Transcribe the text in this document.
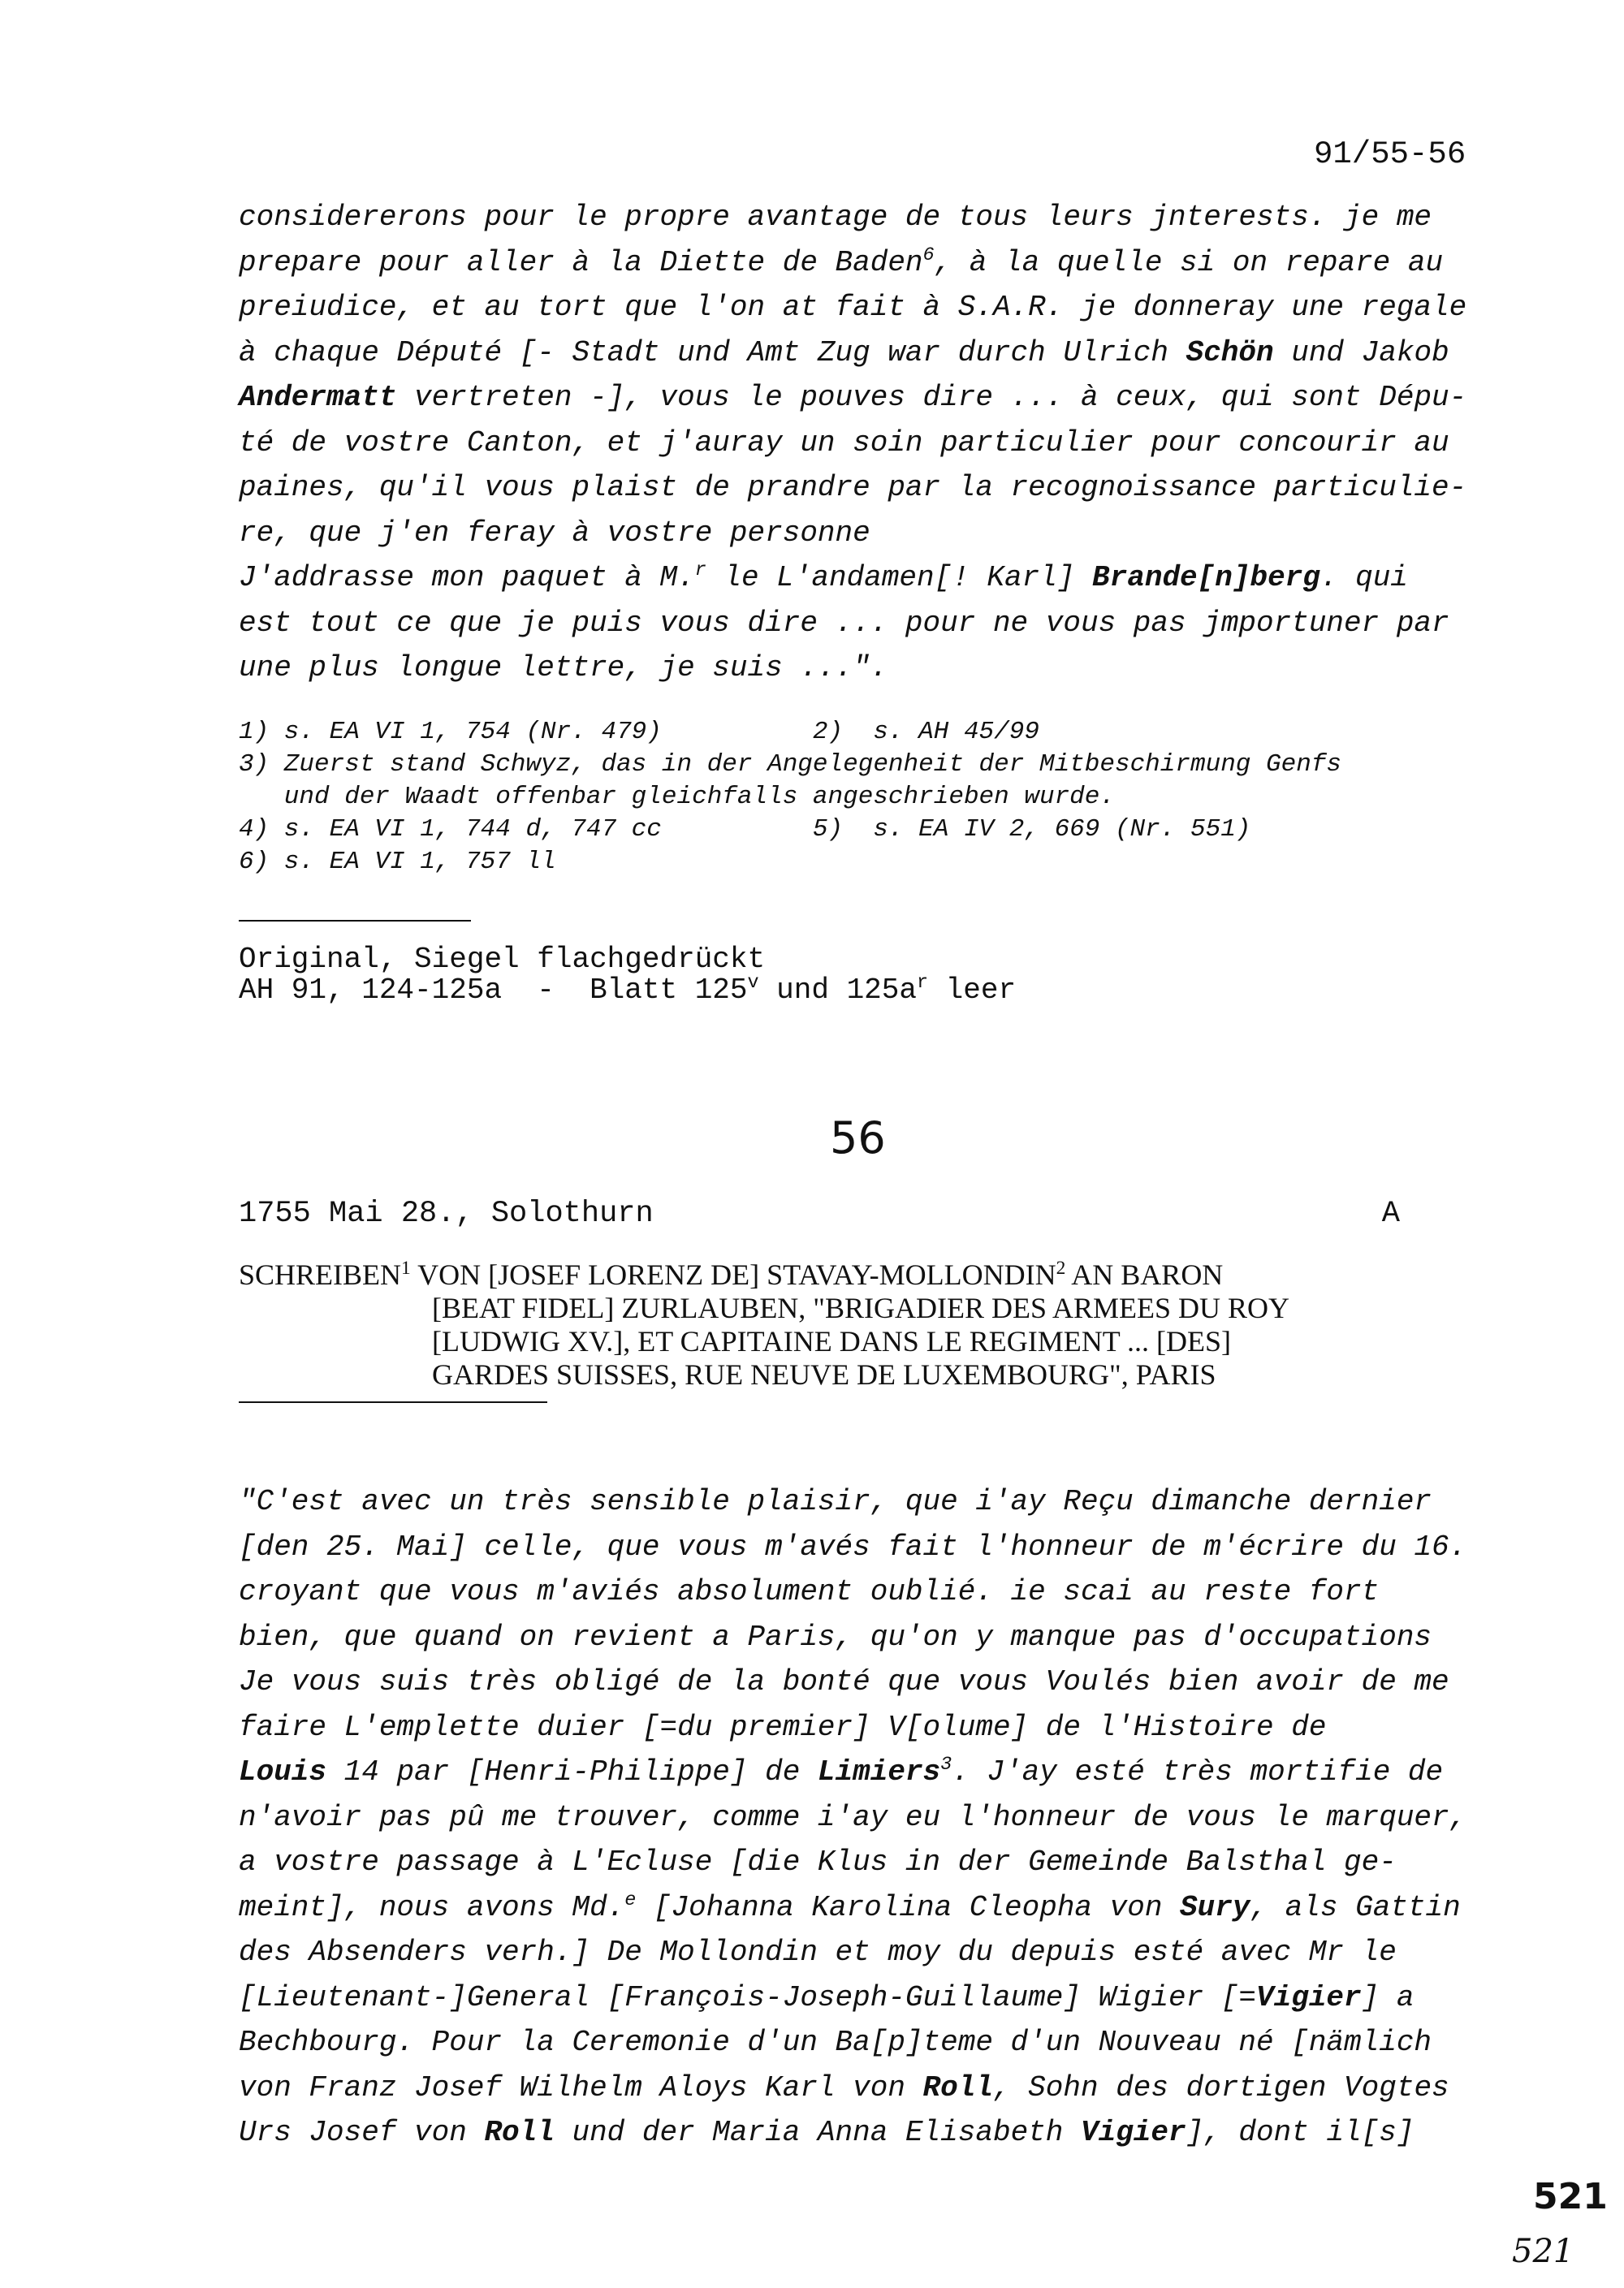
91/55-56
considererons pour le propre avantage de tous leurs jnterests. je me
prepare pour aller à la Diette de Baden$^6$, à la quelle si on repare au
preiudice, et au tort que l'on at fait à S.A.R. je donneray une regale
à chaque Député [- Stadt und Amt Zug war durch Ulrich Schön und Jakob
Andermatt vertreten -], vous le pouves dire ... à ceux, qui sont Dépu-
té de vostre Canton, et j'auray un soin particulier pour concourir au
paines, qu'il vous plaist de prandre par la recognoissance particulie-
re, que j'en feray à vostre personne
J'addrasse mon paquet à M.$^r$ le L'andamen[! Karl] Brande[n]berg. qui
est tout ce que je puis vous dire ... pour ne vous pas jmportuner par
une plus longue lettre, je suis ...".
1) s. EA VI 1, 754 (Nr. 479)          2)  s. AH 45/99
3) Zuerst stand Schwyz, das in der Angelegenheit der Mitbeschirmung Genfs
und der Waadt offenbar gleichfalls angeschrieben wurde.
4) s. EA VI 1, 744 d, 747 cc          5)  s. EA IV 2, 669 (Nr. 551)
6) s. EA VI 1, 757 ll
Original, Siegel flachgedrückt
AH 91, 124-125a  -  Blatt 125$^v$ und $125a^r$ leer
56
1755 Mai 28., Solothurn	A
SCHREIBEN$^1$ VON [JOSEF LORENZ DE] STAVAY-MOLLONDIN$^2$ AN BARON
[BEAT FIDEL] ZURLAUBEN, "BRIGADIER DES ARMEES DU ROY
[LUDWIG XV.], ET CAPITAINE DANS LE REGIMENT ... [DES]
GARDES SUISSES, RUE NEUVE DE LUXEMBOURG", PARIS
"C'est avec un très sensible plaisir, que i'ay Reçu dimanche dernier
[den 25. Mai] celle, que vous m'avés fait l'honneur de m'écrire du 16.
croyant que vous m'aviés absolument oublié. ie scai au reste fort
bien, que quand on revient a Paris, qu'on y manque pas d'occupations
Je vous suis très obligé de la bonté que vous Voulés bien avoir de me
faire L'emplette duier [=du premier] V[olume] de l'Histoire de
Louis 14 par [Henri-Philippe] de Limiers$^3$. J'ay esté très mortifie de
n'avoir pas pû me trouver, comme i'ay eu l'honneur de vous le marquer,
a vostre passage à L'Ecluse [die Klus in der Gemeinde Balsthal ge-
meint], nous avons Md.$^e$ [Johanna Karolina Cleopha von Sury, als Gattin
des Absenders verh.] De Mollondin et moy du depuis esté avec Mr le
[Lieutenant-]General [François-Joseph-Guillaume] Wigier [=Vigier] a
Bechbourg. Pour la Ceremonie d'un Ba[p]teme d'un Nouveau né [nämlich
von Franz Josef Wilhelm Aloys Karl von Roll, Sohn des dortigen Vogtes
Urs Josef von Roll und der Maria Anna Elisabeth Vigier], dont il[s]
521
521
